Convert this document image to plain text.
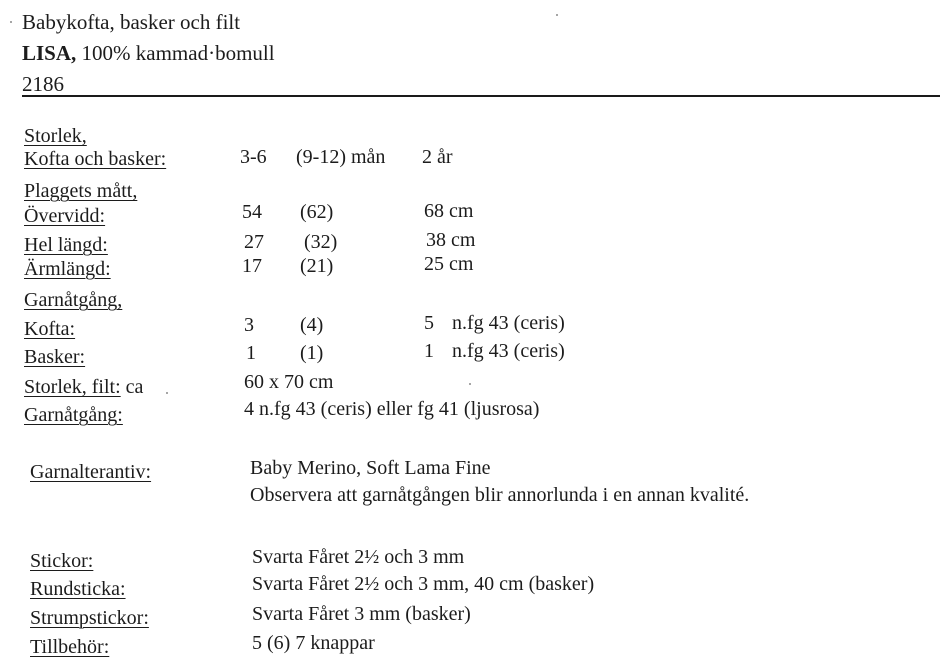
Babykofta, basker och filt
LISA, 100% kammad·bomull
2186
Storlek,
Kofta och basker:	3-6 (9-12) mån 2 år
Plaggets mått,
Övervidd:	54 (62)	68 cm
Hel längd:	27 (32)	38 cm
Ärmlängd:	17 (21)	25 cm
Garnåtgång,
Kofta:	3 (4)	5 n.fg 43 (ceris)
Basker:	1 (1)	1 n.fg 43 (ceris)
Storlek, filt: ca	60 x 70 cm
Garnåtgång:	4 n.fg 43 (ceris) eller fg 41 (ljusrosa)
Garnalterantiv:	Baby Merino, Soft Lama Fine
Observera att garnåtgången blir annorlunda i en annan kvalité.
Stickor:	Svarta Fåret 2½ och 3 mm
Rundsticka:	Svarta Fåret 2½ och 3 mm, 40 cm (basker)
Strumpstickor:	Svarta Fåret 3 mm (basker)
Tillbehör:	5 (6) 7 knappar
